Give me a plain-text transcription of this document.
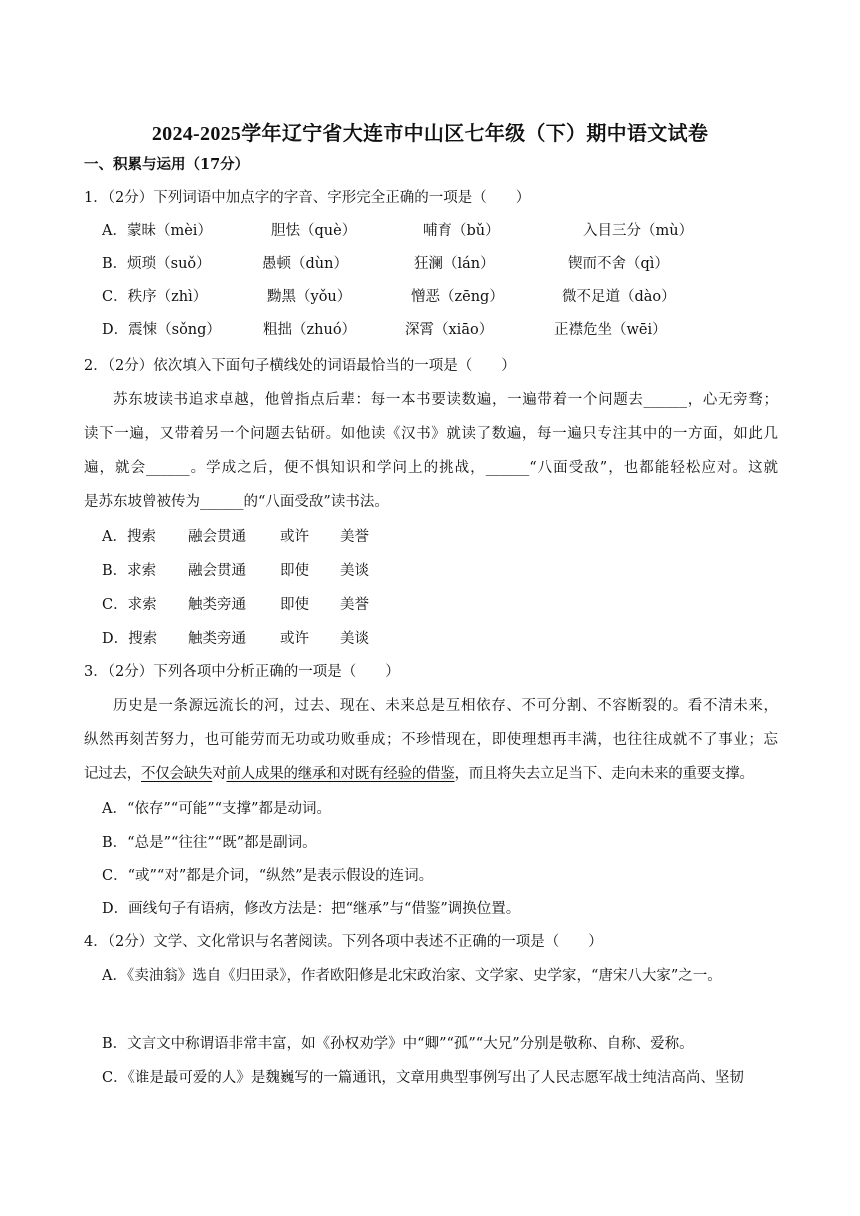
2024-2025学年辽宁省大连市中山区七年级（下）期中语文试卷
一、积累与运用（17分）
1．（2分）下列词语中加点字的字音、字形完全正确的一项是（　　）
A．蒙昧（mèi）	胆怯（què）	哺育（bǔ）	入目三分（mù）
B．烦琐（suǒ）	愚顿（dùn）	狂澜（lán）	锲而不舍（qì）
C．秩序（zhì）	黝黑（yǒu）	憎恶（zēng）	微不足道（dào）
D．震悚（sǒng）	粗拙（zhuó）	深霄（xiāo）	正襟危坐（wēi）
2．（2分）依次填入下面句子横线处的词语最恰当的一项是（　　）
苏东坡读书追求卓越，他曾指点后辈：每一本书要读数遍，一遍带着一个问题去______，心无旁骛；
读下一遍，又带着另一个问题去钻研。如他读《汉书》就读了数遍，每一遍只专注其中的一方面，如此几
遍，就会______。学成之后，便不惧知识和学问上的挑战，______“八面受敌”，也都能轻松应对。这就
是苏东坡曾被传为______的“八面受敌”读书法。
A．搜索 融会贯通 或许 美誉
B．求索 融会贯通 即使 美谈
C．求索 触类旁通 即使 美誉
D．搜索 触类旁通 或许 美谈
3．（2分）下列各项中分析正确的一项是（　　）
历史是一条源远流长的河，过去、现在、未来总是互相依存、不可分割、不容断裂的。看不清未来，
纵然再刻苦努力，也可能劳而无功或功败垂成；不珍惜现在，即使理想再丰满，也往往成就不了事业；忘
记过去，不仅会缺失对前人成果的继承和对既有经验的借鉴，而且将失去立足当下、走向未来的重要支撑。
A．“依存”“可能”“支撑”都是动词。
B．“总是”“往往”“既”都是副词。
C．“或”“对”都是介词，“纵然”是表示假设的连词。
D．画线句子有语病，修改方法是：把“继承”与“借鉴”调换位置。
4．（2分）文学、文化常识与名著阅读。下列各项中表述不正确的一项是（　　）
A．《卖油翁》选自《归田录》，作者欧阳修是北宋政治家、文学家、史学家，“唐宋八大家”之一。
B．文言文中称谓语非常丰富，如《孙权劝学》中“卿”“孤”“大兄”分别是敬称、自称、爱称。
C．《谁是最可爱的人》是魏巍写的一篇通讯，文章用典型事例写出了人民志愿军战士纯洁高尚、坚韧
